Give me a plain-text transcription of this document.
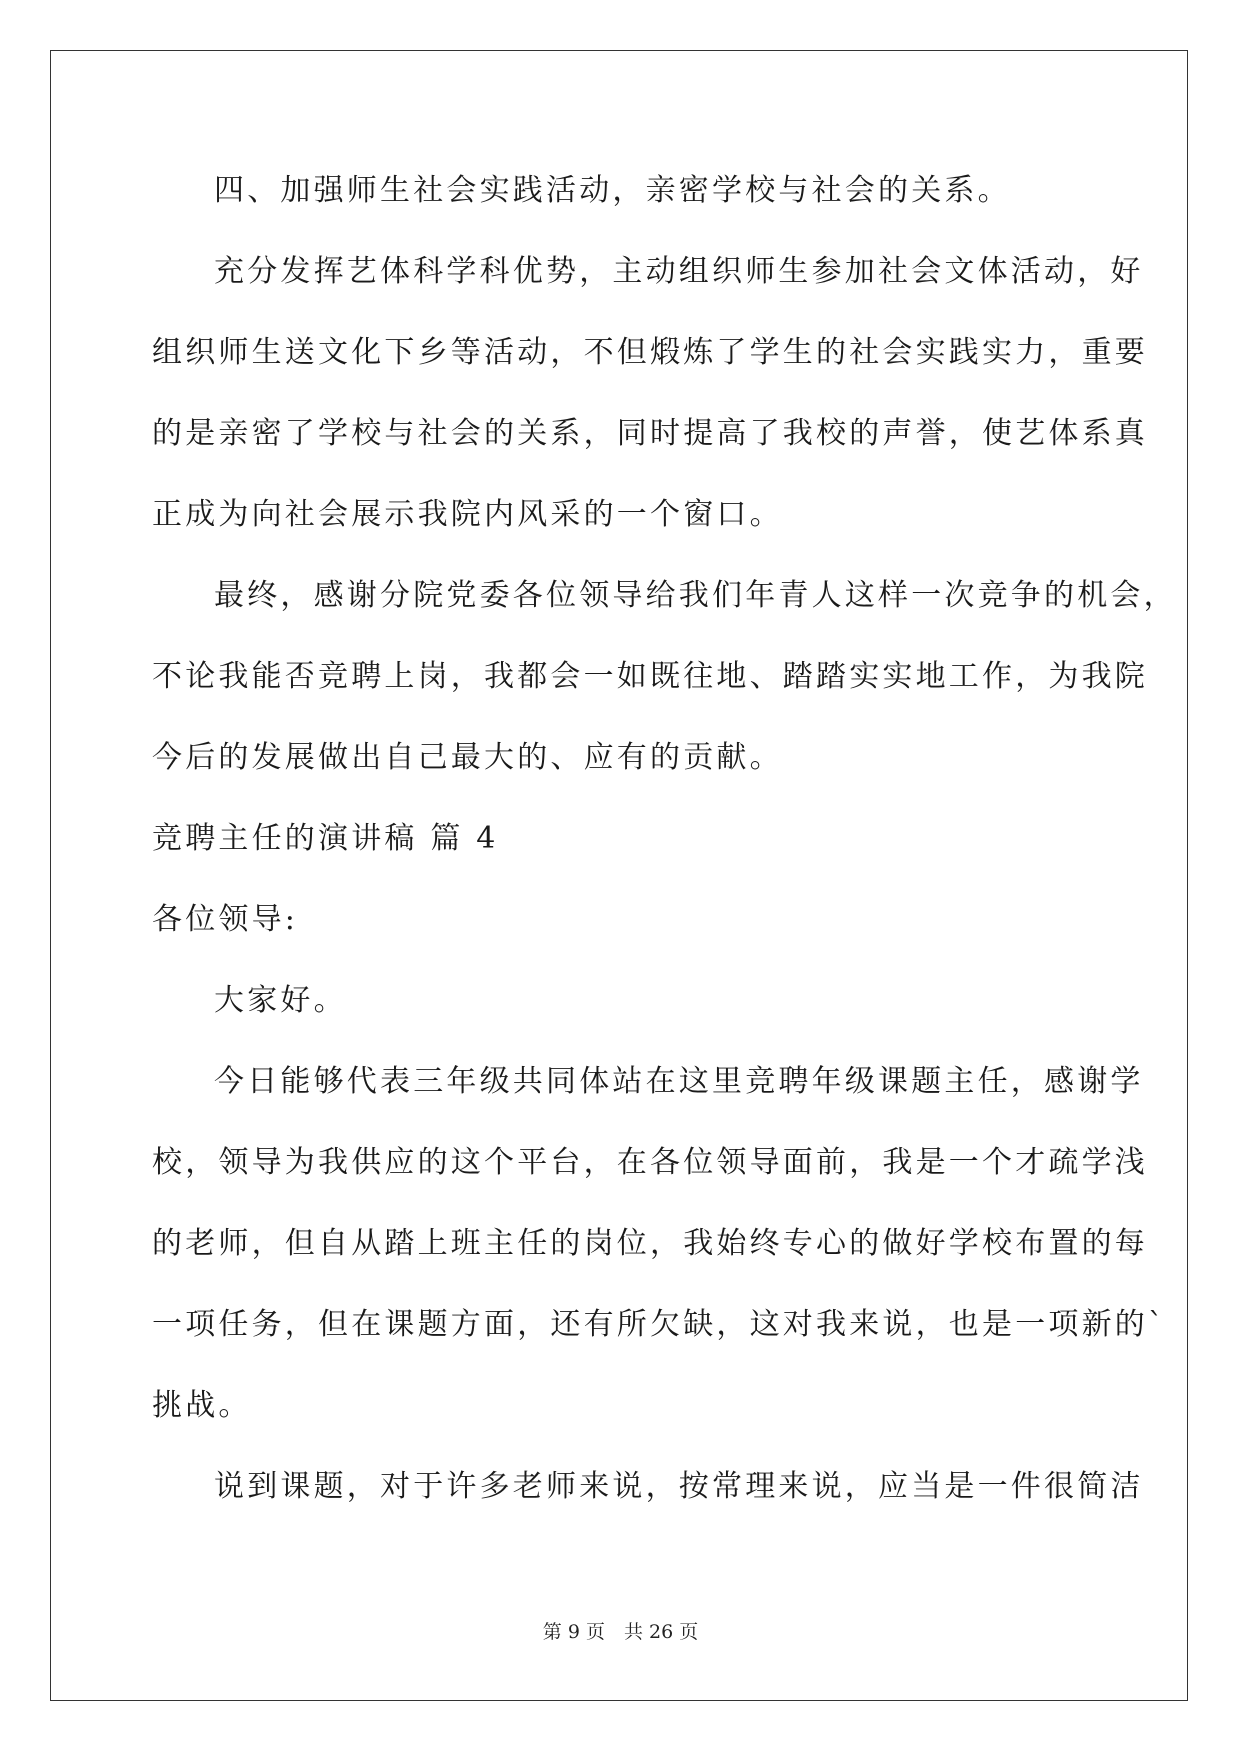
四、加强师生社会实践活动，亲密学校与社会的关系。
充分发挥艺体科学科优势，主动组织师生参加社会文体活动，好
组织师生送文化下乡等活动，不但煅炼了学生的社会实践实力，重要
的是亲密了学校与社会的关系，同时提高了我校的声誉，使艺体系真
正成为向社会展示我院内风采的一个窗口。
最终，感谢分院党委各位领导给我们年青人这样一次竞争的机会，
不论我能否竞聘上岗，我都会一如既往地、踏踏实实地工作，为我院
今后的发展做出自己最大的、应有的贡献。
竞聘主任的演讲稿 篇 4
各位领导:
大家好。
今日能够代表三年级共同体站在这里竞聘年级课题主任，感谢学
校，领导为我供应的这个平台，在各位领导面前，我是一个才疏学浅
的老师，但自从踏上班主任的岗位，我始终专心的做好学校布置的每
一项任务，但在课题方面，还有所欠缺，这对我来说，也是一项新的`
挑战。
说到课题，对于许多老师来说，按常理来说，应当是一件很简洁
第 9 页　共 26 页
